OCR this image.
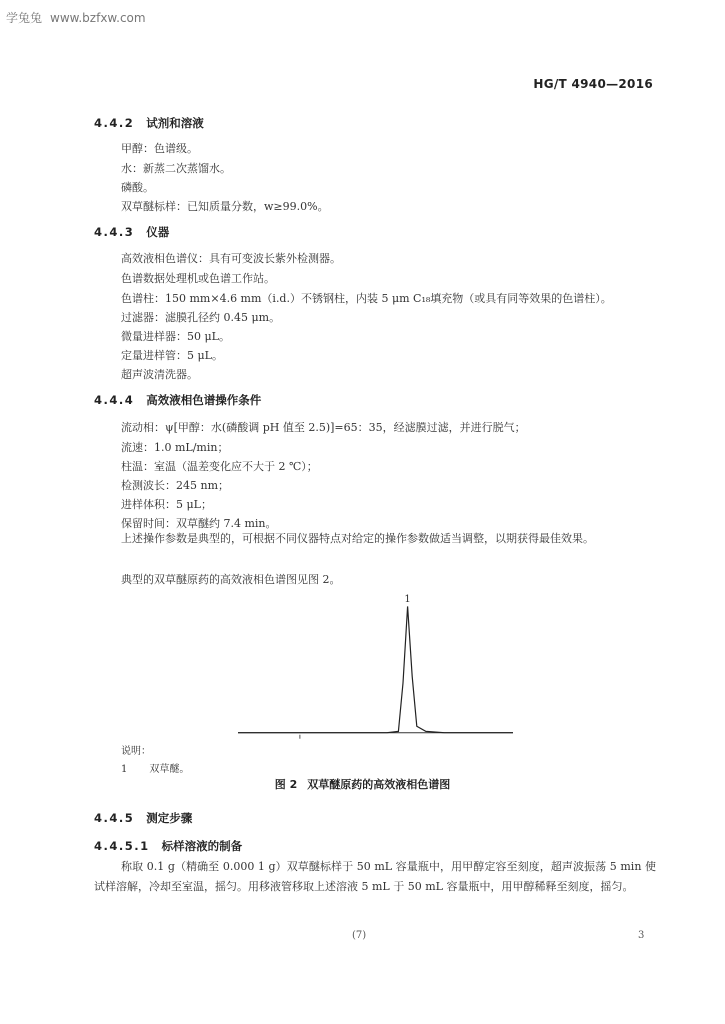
学兔兔 www.bzfxw.com
HG/T 4940—2016
4.4.2 试剂和溶液
甲醇：色谱级。
水：新蒸二次蒸馏水。
磷酸。
双草醚标样：已知质量分数，w≥99.0%。
4.4.3 仪器
高效液相色谱仪：具有可变波长紫外检测器。
色谱数据处理机或色谱工作站。
色谱柱：150 mm×4.6 mm（i.d.）不锈钢柱，内装 5 μm C₁₈填充物（或具有同等效果的色谱柱）。
过滤器：滤膜孔径约 0.45 μm。
微量进样器：50 μL。
定量进样管：5 μL。
超声波清洗器。
4.4.4 高效液相色谱操作条件
流动相：ψ[甲醇：水(磷酸调 pH 值至 2.5)]=65：35，经滤膜过滤，并进行脱气；
流速：1.0 mL/min；
柱温：室温（温差变化应不大于 2 ℃）；
检测波长：245 nm；
进样体积：5 μL；
保留时间：双草醚约 7.4 min。

上述操作参数是典型的，可根据不同仪器特点对给定的操作参数做适当调整，以期获得最佳效果。

典型的双草醚原药的高效液相色谱图见图 2。
1
说明：
1 双草醚。
图 2 双草醚原药的高效液相色谱图
4.4.5 测定步骤
4.4.5.1 标样溶液的制备

称取 0.1 g（精确至 0.000 1 g）双草醚标样于 50 mL 容量瓶中，用甲醇定容至刻度，超声波振荡 5 min 使试样溶解，冷却至室温，摇匀。用移液管移取上述溶液 5 mL 于 50 mL 容量瓶中，用甲醇稀释至刻度，摇匀。

(7)	3
